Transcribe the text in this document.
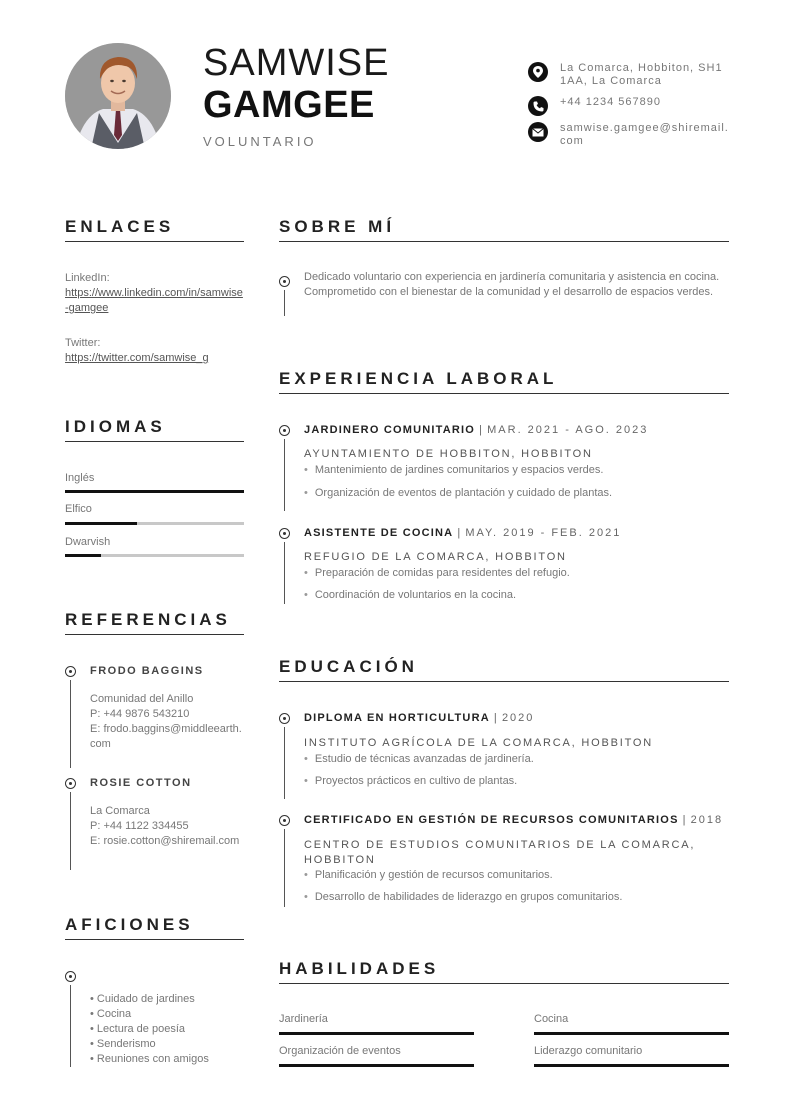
SAMWISE
GAMGEE
VOLUNTARIO
La Comarca, Hobbiton, SH1 1AA, La Comarca
+44 1234 567890
samwise.gamgee@shiremail.com
ENLACES
LinkedIn:
https://www.linkedin.com/in/samwise-gamgee
Twitter:
https://twitter.com/samwise_g
IDIOMAS
Inglés
Elfico
Dwarvish
REFERENCIAS
FRODO BAGGINS
Comunidad del Anillo
P: +44 9876 543210
E: frodo.baggins@middleearth.com
ROSIE COTTON
La Comarca
P: +44 1122 334455
E: rosie.cotton@shiremail.com
AFICIONES
• Cuidado de jardines
• Cocina
• Lectura de poesía
• Senderismo
• Reuniones con amigos
SOBRE MÍ
Dedicado voluntario con experiencia en jardinería comunitaria y asistencia en cocina. Comprometido con el bienestar de la comunidad y el desarrollo de espacios verdes.
EXPERIENCIA LABORAL
JARDINERO COMUNITARIO | MAR. 2021 - AGO. 2023
AYUNTAMIENTO DE HOBBITON, HOBBITON
• Mantenimiento de jardines comunitarios y espacios verdes.
• Organización de eventos de plantación y cuidado de plantas.
ASISTENTE DE COCINA | MAY. 2019 - FEB. 2021
REFUGIO DE LA COMARCA, HOBBITON
• Preparación de comidas para residentes del refugio.
• Coordinación de voluntarios en la cocina.
EDUCACIÓN
DIPLOMA EN HORTICULTURA | 2020
INSTITUTO AGRÍCOLA DE LA COMARCA, HOBBITON
• Estudio de técnicas avanzadas de jardinería.
• Proyectos prácticos en cultivo de plantas.
CERTIFICADO EN GESTIÓN DE RECURSOS COMUNITARIOS | 2018
CENTRO DE ESTUDIOS COMUNITARIOS DE LA COMARCA, HOBBITON
• Planificación y gestión de recursos comunitarios.
• Desarrollo de habilidades de liderazgo en grupos comunitarios.
HABILIDADES
Jardinería	Cocina
Organización de eventos	Liderazgo comunitario
